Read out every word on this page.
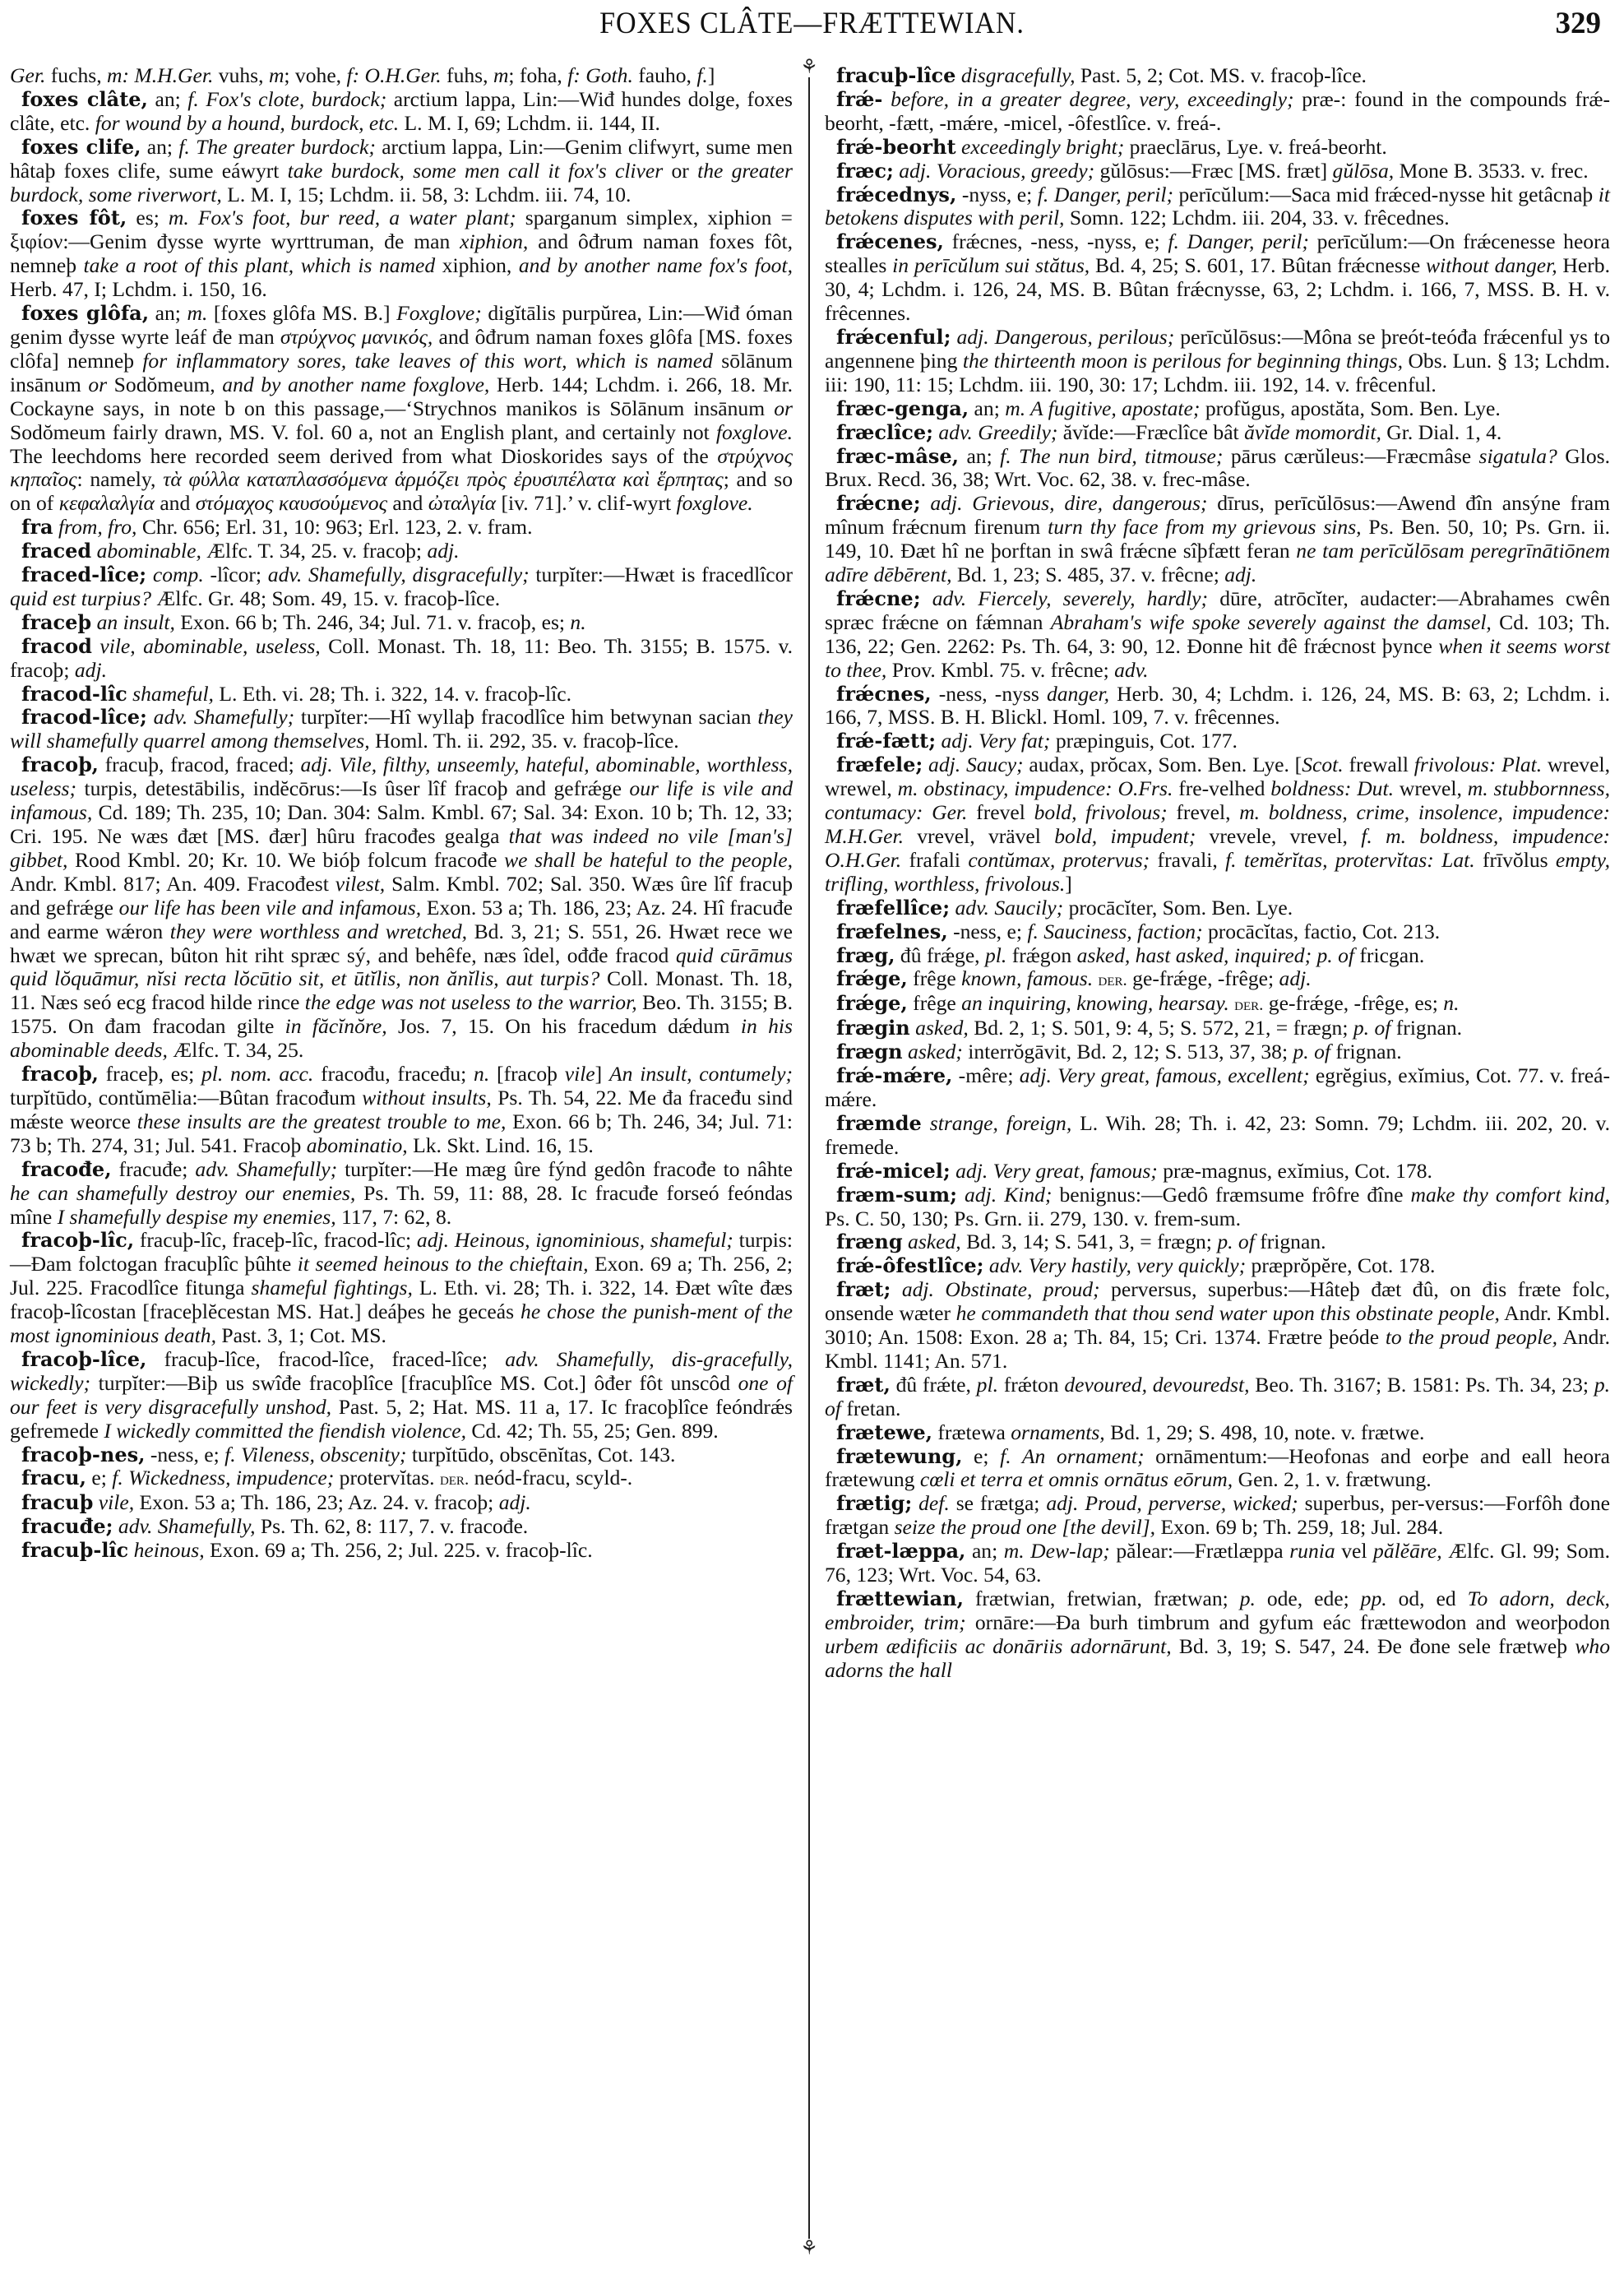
FOXES CLÂTE—FRÆTTEWIAN.	329
⚘
⚘

Ger. fuchs, m: M.H.Ger. vuhs, m; vohe, f: O.H.Ger. fuhs, m; foha, f: Goth. fauho, f.]

foxes clâte, an; f. Fox's clote, burdock; arctium lappa, Lin:—Wiđ hundes dolge, foxes clâte, etc. for wound by a hound, burdock, etc. L. M. I, 69; Lchdm. ii. 144, II.

foxes clife, an; f. The greater burdock; arctium lappa, Lin:—Genim clifwyrt, sume men hâtaþ foxes clife, sume eáwyrt take burdock, some men call it fox's cliver or the greater burdock, some riverwort, L. M. I, 15; Lchdm. ii. 58, 3: Lchdm. iii. 74, 10.

foxes fôt, es; m. Fox's foot, bur reed, a water plant; sparganum simplex, xiphion = ξιφίον:—Genim đysse wyrte wyrttruman, đe man xiphion, and ôđrum naman foxes fôt, nemneþ take a root of this plant, which is named xiphion, and by another name fox's foot, Herb. 47, I; Lchdm. i. 150, 16.

foxes glôfa, an; m. [foxes glôfa MS. B.] Foxglove; digĭtālis purpŭrea, Lin:—Wiđ óman genim đysse wyrte leáf đe man στρύχνος μανικός, and ôđrum naman foxes glôfa [MS. foxes clôfa] nemneþ for inflammatory sores, take leaves of this wort, which is named sōlānum insānum or Sodŏmeum, and by another name foxglove, Herb. 144; Lchdm. i. 266, 18. Mr. Cockayne says, in note b on this passage,—‘Strychnos manikos is Sōlānum insānum or Sodŏmeum fairly drawn, MS. V. fol. 60 a, not an English plant, and certainly not foxglove. The leechdoms here recorded seem derived from what Dioskorides says of the στρύχνος κηπαῖος: namely, τὰ φύλλα καταπλασσόμενα ἁρμόζει πρὸς ἐρυσιπέλατα καὶ ἕρπητας; and so on of κεφαλαλγία and στόμαχος καυσούμενος and ὠταλγία [iv. 71].’ v. clif-wyrt foxglove.

fra from, fro, Chr. 656; Erl. 31, 10: 963; Erl. 123, 2. v. fram.

fraced abominable, Ælfc. T. 34, 25. v. fracoþ; adj.

fraced-lîce; comp. -lîcor; adv. Shamefully, disgracefully; turpĭter:—Hwæt is fracedlîcor quid est turpius? Ælfc. Gr. 48; Som. 49, 15. v. fracoþ-lîce.

fraceþ an insult, Exon. 66 b; Th. 246, 34; Jul. 71. v. fracoþ, es; n.

fracod vile, abominable, useless, Coll. Monast. Th. 18, 11: Beo. Th. 3155; B. 1575. v. fracoþ; adj.

fracod-lîc shameful, L. Eth. vi. 28; Th. i. 322, 14. v. fracoþ-lîc.

fracod-lîce; adv. Shamefully; turpĭter:—Hî wyllaþ fracodlîce him betwynan sacian they will shamefully quarrel among themselves, Homl. Th. ii. 292, 35. v. fracoþ-lîce.

fracoþ, fracuþ, fracod, fraced; adj. Vile, filthy, unseemly, hateful, abominable, worthless, useless; turpis, detestābilis, indĕcōrus:—Is ûser lîf fracoþ and gefrǽge our life is vile and infamous, Cd. 189; Th. 235, 10; Dan. 304: Salm. Kmbl. 67; Sal. 34: Exon. 10 b; Th. 12, 33; Cri. 195. Ne wæs đæt [MS. đær] hûru fracođes gealga that was indeed no vile [man's] gibbet, Rood Kmbl. 20; Kr. 10. We bióþ folcum fracođe we shall be hateful to the people, Andr. Kmbl. 817; An. 409. Fracođest vilest, Salm. Kmbl. 702; Sal. 350. Wæs ûre lîf fracuþ and gefrǽge our life has been vile and infamous, Exon. 53 a; Th. 186, 23; Az. 24. Hî fracuđe and earme wǽron they were worthless and wretched, Bd. 3, 21; S. 551, 26. Hwæt rece we hwæt we sprecan, bûton hit riht spræc sý, and behêfe, næs îdel, ođđe fracod quid cūrāmus quid lŏquāmur, nĭsi recta lŏcūtio sit, et ūtĭlis, non ănĭlis, aut turpis? Coll. Monast. Th. 18, 11. Næs seó ecg fracod hilde rince the edge was not useless to the warrior, Beo. Th. 3155; B. 1575. On đam fracodan gilte in făcĭnŏre, Jos. 7, 15. On his fracedum dǽdum in his abominable deeds, Ælfc. T. 34, 25.

fracoþ, fraceþ, es; pl. nom. acc. fracođu, fraceđu; n. [fracoþ vile] An insult, contumely; turpĭtūdo, contŭmēlia:—Bûtan fracođum without insults, Ps. Th. 54, 22. Me đa fraceđu sind mǽste weorce these insults are the greatest trouble to me, Exon. 66 b; Th. 246, 34; Jul. 71: 73 b; Th. 274, 31; Jul. 541. Fracoþ abominatio, Lk. Skt. Lind. 16, 15.

fracođe, fracuđe; adv. Shamefully; turpĭter:—He mæg ûre fýnd gedôn fracođe to nâhte he can shamefully destroy our enemies, Ps. Th. 59, 11: 88, 28. Ic fracuđe forseó feóndas mîne I shamefully despise my enemies, 117, 7: 62, 8.

fracoþ-lîc, fracuþ-lîc, fraceþ-lîc, fracod-lîc; adj. Heinous, ignominious, shameful; turpis:—Đam folctogan fracuþlîc þûhte it seemed heinous to the chieftain, Exon. 69 a; Th. 256, 2; Jul. 225. Fracodlîce fitunga shameful fightings, L. Eth. vi. 28; Th. i. 322, 14. Đæt wîte đæs fracoþ-lîcostan [fraceþlĕcestan MS. Hat.] deáþes he geceás he chose the punish-ment of the most ignominious death, Past. 3, 1; Cot. MS.

fracoþ-lîce, fracuþ-lîce, fracod-lîce, fraced-lîce; adv. Shamefully, dis-gracefully, wickedly; turpĭter:—Biþ us swîđe fracoþlîce [fracuþlîce MS. Cot.] ôđer fôt unscôd one of our feet is very disgracefully unshod, Past. 5, 2; Hat. MS. 11 a, 17. Ic fracoþlîce feóndrǽs gefremede I wickedly committed the fiendish violence, Cd. 42; Th. 55, 25; Gen. 899.

fracoþ-nes, -ness, e; f. Vileness, obscenity; turpĭtūdo, obscēnĭtas, Cot. 143.

fracu, e; f. Wickedness, impudence; protervĭtas. der. neód-fracu, scyld-.

fracuþ vile, Exon. 53 a; Th. 186, 23; Az. 24. v. fracoþ; adj.

fracuđe; adv. Shamefully, Ps. Th. 62, 8: 117, 7. v. fracođe.

fracuþ-lîc heinous, Exon. 69 a; Th. 256, 2; Jul. 225. v. fracoþ-lîc.

fracuþ-lîce disgracefully, Past. 5, 2; Cot. MS. v. fracoþ-lîce.

frǽ- before, in a greater degree, very, exceedingly; præ-: found in the compounds frǽ-beorht, -fætt, -mǽre, -micel, -ôfestlîce. v. freá-.

frǽ-beorht exceedingly bright; praeclārus, Lye. v. freá-beorht.

fræc; adj. Voracious, greedy; gŭlōsus:—Fræc [MS. fræt] gŭlōsa, Mone B. 3533. v. frec.

frǽcednys, -nyss, e; f. Danger, peril; perīcŭlum:—Saca mid frǽced-nysse hit getâcnaþ it betokens disputes with peril, Somn. 122; Lchdm. iii. 204, 33. v. frêcednes.

frǽcenes, frǽcnes, -ness, -nyss, e; f. Danger, peril; perīcŭlum:—On frǽcenesse heora stealles in perīcŭlum sui stătus, Bd. 4, 25; S. 601, 17. Bûtan frǽcnesse without danger, Herb. 30, 4; Lchdm. i. 126, 24, MS. B. Bûtan frǽcnysse, 63, 2; Lchdm. i. 166, 7, MSS. B. H. v. frêcennes.

frǽcenful; adj. Dangerous, perilous; perīcŭlōsus:—Môna se þreót-teóđa frǽcenful ys to angennene þing the thirteenth moon is perilous for beginning things, Obs. Lun. § 13; Lchdm. iii: 190, 11: 15; Lchdm. iii. 190, 30: 17; Lchdm. iii. 192, 14. v. frêcenful.

fræc-genga, an; m. A fugitive, apostate; profŭgus, apostăta, Som. Ben. Lye.

fræclîce; adv. Greedily; ăvĭde:—Fræclîce bât ăvĭde momordit, Gr. Dial. 1, 4.

fræc-mâse, an; f. The nun bird, titmouse; pārus cærŭleus:—Fræcmâse sigatula? Glos. Brux. Recd. 36, 38; Wrt. Voc. 62, 38. v. frec-mâse.

frǽcne; adj. Grievous, dire, dangerous; dīrus, perīcŭlōsus:—Awend đîn ansýne fram mînum frǽcnum firenum turn thy face from my grievous sins, Ps. Ben. 50, 10; Ps. Grn. ii. 149, 10. Đæt hî ne þorftan in swâ frǽcne sîþfætt feran ne tam perīcŭlōsam peregrīnātiōnem adīre dēbērent, Bd. 1, 23; S. 485, 37. v. frêcne; adj.

frǽcne; adv. Fiercely, severely, hardly; dūre, atrōcĭter, audacter:—Abrahames cwên spræc frǽcne on fǽmnan Abraham's wife spoke severely against the damsel, Cd. 103; Th. 136, 22; Gen. 2262: Ps. Th. 64, 3: 90, 12. Đonne hit đê frǽcnost þynce when it seems worst to thee, Prov. Kmbl. 75. v. frêcne; adv.

frǽcnes, -ness, -nyss danger, Herb. 30, 4; Lchdm. i. 126, 24, MS. B: 63, 2; Lchdm. i. 166, 7, MSS. B. H. Blickl. Homl. 109, 7. v. frêcennes.

frǽ-fætt; adj. Very fat; præpinguis, Cot. 177.

fræfele; adj. Saucy; audax, prŏcax, Som. Ben. Lye. [Scot. frewall frivolous: Plat. wrevel, wrewel, m. obstinacy, impudence: O.Frs. fre-velhed boldness: Dut. wrevel, m. stubbornness, contumacy: Ger. frevel bold, frivolous; frevel, m. boldness, crime, insolence, impudence: M.H.Ger. vrevel, vrävel bold, impudent; vrevele, vrevel, f. m. boldness, impudence: O.H.Ger. frafali contŭmax, protervus; fravali, f. temĕrĭtas, protervĭtas: Lat. frīvŏlus empty, trifling, worthless, frivolous.]

fræfellîce; adv. Saucily; procācĭter, Som. Ben. Lye.

fræfelnes, -ness, e; f. Sauciness, faction; procācĭtas, factio, Cot. 213.

fræg, đû frǽge, pl. frǽgon asked, hast asked, inquired; p. of fricgan.

frǽge, frêge known, famous. der. ge-frǽge, -frêge; adj.

frǽge, frêge an inquiring, knowing, hearsay. der. ge-frǽge, -frêge, es; n.

frægin asked, Bd. 2, 1; S. 501, 9: 4, 5; S. 572, 21, = frægn; p. of frignan.

frægn asked; interrŏgāvit, Bd. 2, 12; S. 513, 37, 38; p. of frignan.

frǽ-mǽre, -mêre; adj. Very great, famous, excellent; egrĕgius, exĭmius, Cot. 77. v. freá-mǽre.

fræmde strange, foreign, L. Wih. 28; Th. i. 42, 23: Somn. 79; Lchdm. iii. 202, 20. v. fremede.

frǽ-micel; adj. Very great, famous; præ-magnus, exĭmius, Cot. 178.

fræm-sum; adj. Kind; benignus:—Gedô fræmsume frôfre đîne make thy comfort kind, Ps. C. 50, 130; Ps. Grn. ii. 279, 130. v. frem-sum.

fræng asked, Bd. 3, 14; S. 541, 3, = frægn; p. of frignan.

frǽ-ôfestlîce; adv. Very hastily, very quickly; præprŏpĕre, Cot. 178.

fræt; adj. Obstinate, proud; perversus, superbus:—Hâteþ đæt đû, on đis fræte folc, onsende wæter he commandeth that thou send water upon this obstinate people, Andr. Kmbl. 3010; An. 1508: Exon. 28 a; Th. 84, 15; Cri. 1374. Frætre þeóde to the proud people, Andr. Kmbl. 1141; An. 571.

fræt, đû frǽte, pl. frǽton devoured, devouredst, Beo. Th. 3167; B. 1581: Ps. Th. 34, 23; p. of fretan.

frætewe, frætewa ornaments, Bd. 1, 29; S. 498, 10, note. v. frætwe.

frætewung, e; f. An ornament; ornāmentum:—Heofonas and eorþe and eall heora frætewung cœli et terra et omnis ornātus eōrum, Gen. 2, 1. v. frætwung.

frætig; def. se frætga; adj. Proud, perverse, wicked; superbus, per-versus:—Forfôh đone frætgan seize the proud one [the devil], Exon. 69 b; Th. 259, 18; Jul. 284.

fræt-læppa, an; m. Dew-lap; pălear:—Frætlæppa runia vel pălĕāre, Ælfc. Gl. 99; Som. 76, 123; Wrt. Voc. 54, 63.

frættewian, frætwian, fretwian, frætwan; p. ode, ede; pp. od, ed To adorn, deck, embroider, trim; ornāre:—Đa burh timbrum and gyfum eác frættewodon and weorþodon urbem ædificiis ac donāriis adornārunt, Bd. 3, 19; S. 547, 24. Đe đone sele frætweþ who adorns the hall
